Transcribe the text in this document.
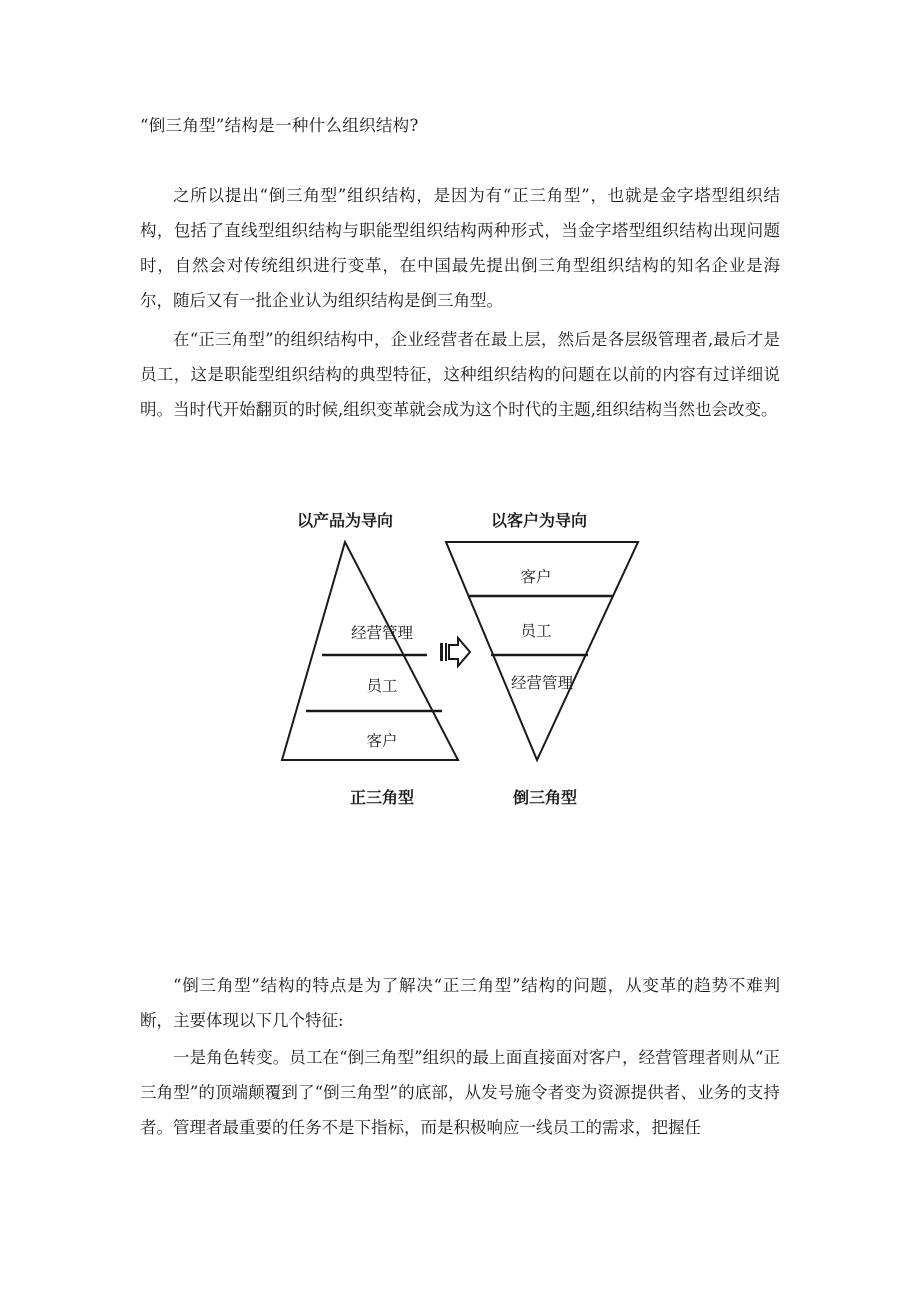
“倒三角型”结构是一种什么组织结构?

之所以提出“倒三角型”组织结构，是因为有“正三角型”，也就是金字塔型组织结构，包括了直线型组织结构与职能型组织结构两种形式，当金字塔型组织结构出现问题时，自然会对传统组织进行变革，在中国最先提出倒三角型组织结构的知名企业是海尔，随后又有一批企业认为组织结构是倒三角型。

在“正三角型”的组织结构中，企业经营者在最上层，然后是各层级管理者,最后才是员工，这是职能型组织结构的典型特征，这种组织结构的问题在以前的内容有过详细说明。当时代开始翻页的时候,组织变革就会成为这个时代的主题,组织结构当然也会改变。

以产品为导向
经营管理
员工
客户
正三角型
以客户为导向
客户
员工
经营管理
倒三角型

“倒三角型”结构的特点是为了解决“正三角型”结构的问题，从变革的趋势不难判断，主要体现以下几个特征:

一是角色转变。员工在“倒三角型”组织的最上面直接面对客户，经营管理者则从“正三角型”的顶端颠覆到了“倒三角型”的底部，从发号施令者变为资源提供者、业务的支持者。管理者最重要的任务不是下指标，而是积极响应一线员工的需求，把握任
